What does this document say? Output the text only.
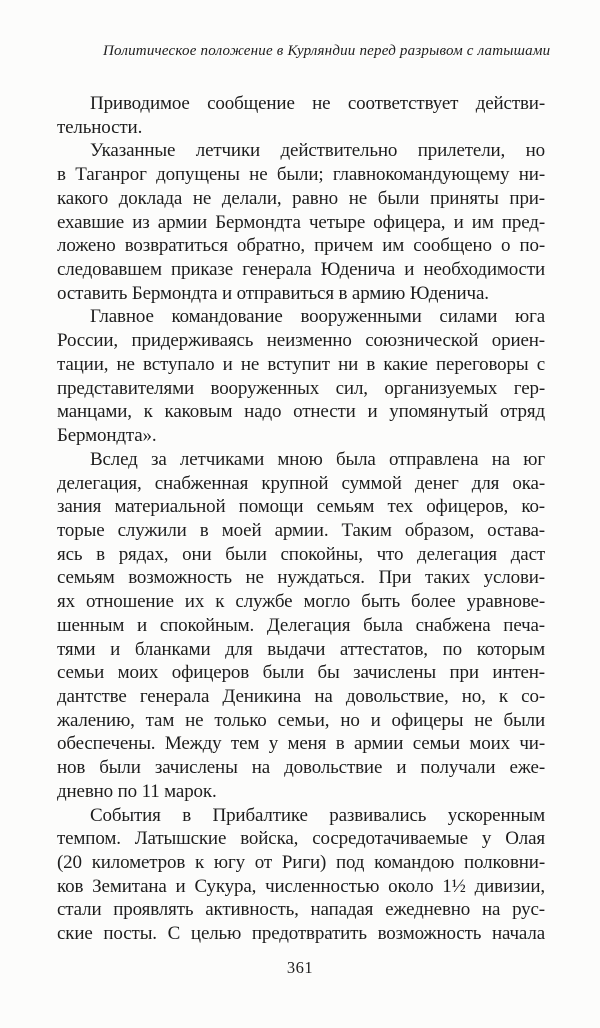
Политическое положение в Курляндии перед разрывом с латышами
Приводимое сообщение не соответствует действи-
тельности.
Указанные летчики действительно прилетели, но
в Таганрог допущены не были; главнокомандующему ни-
какого доклада не делали, равно не были приняты при-
ехавшие из армии Бермондта четыре офицера, и им пред-
ложено возвратиться обратно, причем им сообщено о по-
следовавшем приказе генерала Юденича и необходимости
оставить Бермондта и отправиться в армию Юденича.
Главное командование вооруженными силами юга
России, придерживаясь неизменно союзнической ориен-
тации, не вступало и не вступит ни в какие переговоры с
представителями вооруженных сил, организуемых гер-
манцами, к каковым надо отнести и упомянутый отряд
Бермондта».
Вслед за летчиками мною была отправлена на юг
делегация, снабженная крупной суммой денег для ока-
зания материальной помощи семьям тех офицеров, ко-
торые служили в моей армии. Таким образом, остава-
ясь в рядах, они были спокойны, что делегация даст
семьям возможность не нуждаться. При таких услови-
ях отношение их к службе могло быть более уравнове-
шенным и спокойным. Делегация была снабжена печа-
тями и бланками для выдачи аттестатов, по которым
семьи моих офицеров были бы зачислены при интен-
дантстве генерала Деникина на довольствие, но, к со-
жалению, там не только семьи, но и офицеры не были
обеспечены. Между тем у меня в армии семьи моих чи-
нов были зачислены на довольствие и получали еже-
дневно по 11 марок.
События в Прибалтике развивались ускоренным
темпом. Латышские войска, сосредотачиваемые у Олая
(20 километров к югу от Риги) под командою полковни-
ков Земитана и Сукура, численностью около 1½ дивизии,
стали проявлять активность, нападая ежедневно на рус-
ские посты. С целью предотвратить возможность начала
361
